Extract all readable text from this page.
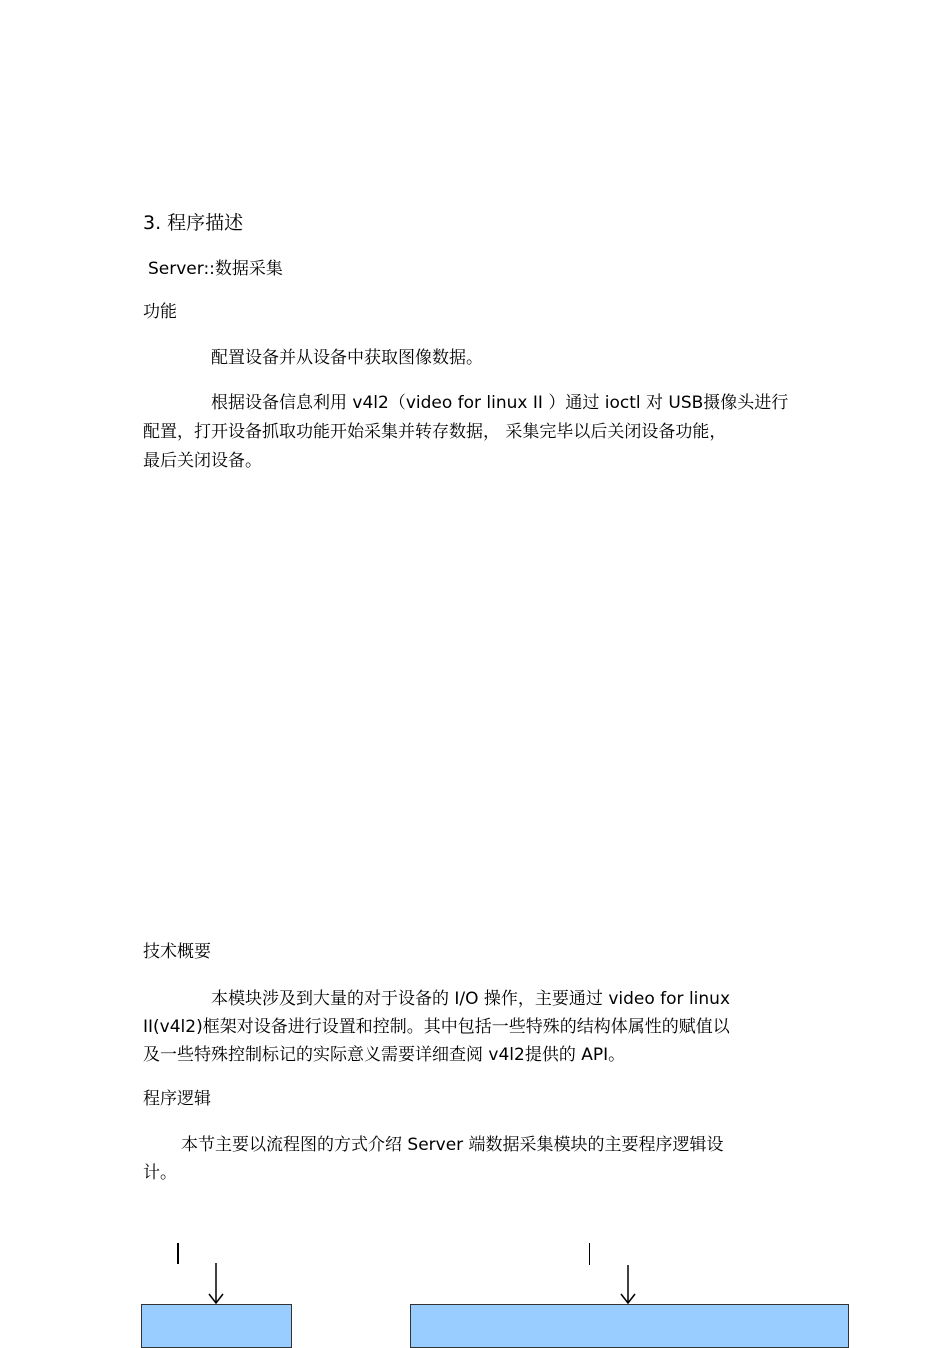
3. 程序描述
Server::数据采集
功能
配置设备并从设备中获取图像数据。
根据设备信息利用 v4l2（video for linux II ）通过 ioctl 对 USB摄像头进行
配置，打开设备抓取功能开始采集并转存数据， 采集完毕以后关闭设备功能，
最后关闭设备。
技术概要
本模块涉及到大量的对于设备的 I/O 操作，主要通过 video for linux
II(v4l2)框架对设备进行设置和控制。其中包括一些特殊的结构体属性的赋值以
及一些特殊控制标记的实际意义需要详细查阅 v4l2提供的 API。
程序逻辑
本节主要以流程图的方式介绍 Server 端数据采集模块的主要程序逻辑设
计。
